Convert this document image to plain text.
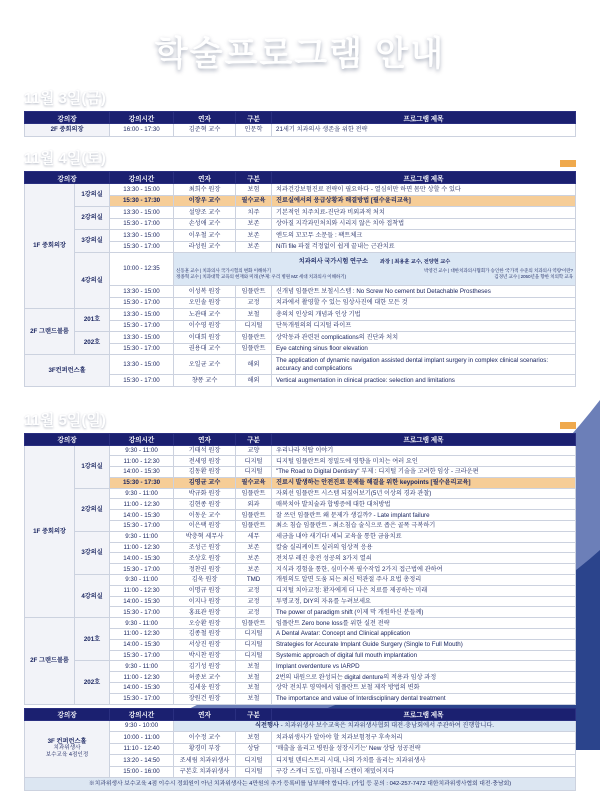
학술프로그램 안내
11월 3일(금)
강의장	강의시간	연자	구분	프로그램 제목
2F 중회의장	16:00 - 17:30	김준혁 교수	인문학	21세기 치과의사 생존을 위한 전략
11월 4일(토)	필수 윤리교육강좌 :
강의장		강의시간	연자	구분	프로그램 제목
1F 중회의장	1강의실	13:30 - 15:00	최희수 원장	보험	치과건강보험진료 전략이 필요하다 - 열심히만 하면 몸만 상할 수 있다
		15:30 - 17:30	이장우 교수	필수교육	진료실에서의 응급상황과 해결방법 [필수윤리교육]
	2강의실	13:30 - 15:00	설양조 교수	치주	기본적인 치주치료-진단과 비외과적 처치
		15:30 - 17:00	손성애 교수	보존	상아질 지각과민처치와 시리지 않은 치아 접착법
	3강의실	13:30 - 15:00	이우철 교수	보존	엔도의 꼬꼬무 소문들 : 팩트체크
		15:30 - 17:00	라성원 교수	보존	NiTi file 파절 걱정없이 쉽게 끝내는 근관치료
	4강의실	10:00 - 12:35	치과의사 국가시험 연구소 좌장 | 최용훈 교수, 전양현 교수
신동훈 교수 | 치과의사 국가시험의 변화 이해하기 박영건 교수 | 대한치과의사협회가 승인한 '국가적 수준의 치과의사 역량'이란?
정종혁 교수 | 치과대학 교육의 현재와 미래 (부제: 우리 병원 MZ 세대 치과의사 이해하기) 김경년 교수 | 2050년을 향한 치의학 교육		

		13:30 - 15:00	이성복 원장	임플란트	신개념 임플란트 보철시스템 : No Screw No cement but Detachable Prostheses
		15:30 - 17:00	오민솔 원장	교정	치과에서 촬영할 수 있는 임상사진에 대한 모든 것
2F 그랜드볼룸	201호	13:30 - 15:00	노관태 교수	보철	총의치 인상의 개념과 인상 기법
		15:30 - 17:00	이수영 원장	디지털	단독개원의의 디지털 라이프
	202호	13:30 - 15:00	이대희 원장	임플란트	상악동과 관련된 complications의 진단과 처치
		15:30 - 17:00	권용대 교수	임플란트	Eye catching sinus floor elevation
3F컨퍼런스홀		13:30 - 15:00	오일균 교수	해외	The application of dynamic navigation assisted dental implant surgery in complex clinical scenarios: accuracy and complications
		15:30 - 17:00	챵퐁 교수	해외	Vertical augmentation in clinical practice: selection and limitations
※12:00 ~ 13:30 / 15:00 ~ 15:30 -> 브레이크 타임(전시장 투어)
11월 5일(일)	필수 윤리교육강좌 :
강의장		강의시간	연자	구분	프로그램 제목
1F 중회의장	1강의실	9:30 - 11:00	기태석 원장	교양	우리나라 석탑 이야기
		11:00 - 12:30	전세영 원장	디지털	디지털 임플란트의 정밀도에 영향을 미치는 여러 요인
		14:00 - 15:30	김동환 원장	디지털	"The Road to Digital Dentistry" 부제 : 디지털 기술을 고려한 임상 - 크라운편
		15:30 - 17:30	김영균 교수	필수교육	진료시 발생하는 안전진료 문제들 해결을 위한 keypoints [필수윤리교육]
	2강의실	9:30 - 11:00	박규화 원장	임플란트	자외선 임플란트 시스템 되짚어보기(5년 이상의 경과 관찰)
		11:00 - 12:30	김현종 원장	외과	매복치아 발치술과 합병증에 대한 대처방법
		14:00 - 15:30	이동운 교수	임플란트	잘 쓰던 임플란트 왜 문제가 생길까? - Late implant failure
		15:30 - 17:00	이은택 원장	임플란트	최소 침습 임플란트 - 최소침습 술식으로 좁은 골폭 극복하기
	3강의실	9:30 - 11:00	박충혁 세무사	세무	세금을 내야 새기다! 세뇌 교육을 통한 금융치료
		11:00 - 12:30	조성근 원장	보존	칼슘 실리케이트 실러의 임상적 응용
		14:00 - 15:30	조상호 원장	보존	전치부 레진 충전 성공의 3가지 열쇠
		15:30 - 17:00	정찬권 원장	보존	지식과 경험을 통한, 심미수복 필수작업 2가지 접근법에 관하여
	4강의실	9:30 - 11:00	김욱 원장	TMD	개원의도 알면 도움 되는 최신 턱관절 주사 요법 총정리
		11:00 - 12:30	이명규 원장	교정	디지털 치아교정: 환자에게 더 나은 치료를 제공하는 미래
		14:00 - 15:30	이지나 원장	교정	투명교정, DIY의 자유를 누려보세요
		15:30 - 17:00	홍표관 원장	교정	The power of paradigm shift (이제 막 개원하신 분들께)
2F 그랜드볼룸	201호	9:30 - 11:00	오승환 원장	임플란트	임플란트 Zero bone loss를 위한 실전 전략
		11:00 - 12:30	김종철 원장	디지털	A Dental Avatar: Concept and Clinical application
		14:00 - 15:30	서상진 원장	디지털	Strategies for Accurate Implant Guide Surgery (Single to Full Mouth)
		15:30 - 17:00	박시찬 원장	디지털	Systemic approach of digital full mouth implantation
	202호	9:30 - 11:00	김기성 원장	보철	Implant overdenture vs IARPD
		11:00 - 12:30	허중보 교수	보철	2번의 내원으로 완성되는 digital denture의 적용과 임상 과정
		14:00 - 15:30	김세웅 원장	보철	상악 전치부 영역에서 임플란트 보철 제작 방법의 변화
		15:30 - 17:00	장원건 원장	보철	The importance and value of Interdisciplinary dental treatment
강의장	강의시간	연자	구분	프로그램 제목

3F 컨퍼런스홀
치과위생사
보수교육 4점인정	9:30 - 10:00	식전행사 - 치과위생사 보수교육은 치과위생사협회 대전·충남회에서 주관하여 진행합니다.		
	10:00 - 11:00	이수정 교수	보험	치과위생사가 알아야 할 치과보험청구 후속처리
	11:10 - 12:40	황경미 부장	상담	'매출을 올리고 병원을 성장시키는' New 상담 성공전략
	13:20 - 14:50	조세림 치과위생사	디지털	디지털 덴티스트리 시대, 나의 가치를 올리는 치과위생사
	15:00 - 16:00	구본호 치과위생사	디지털	구강 스캐너 도입, 마침내 스캔이 재밌어지다
※치과위생사 보수교육 4점 이수시 정회원이 아닌 치과위생사는 4만원의 추가 등록비를 납부해야 합니다. (가입 등 문의 : 042-257-7472 대한치과위생사협회 대전·충남회)				
